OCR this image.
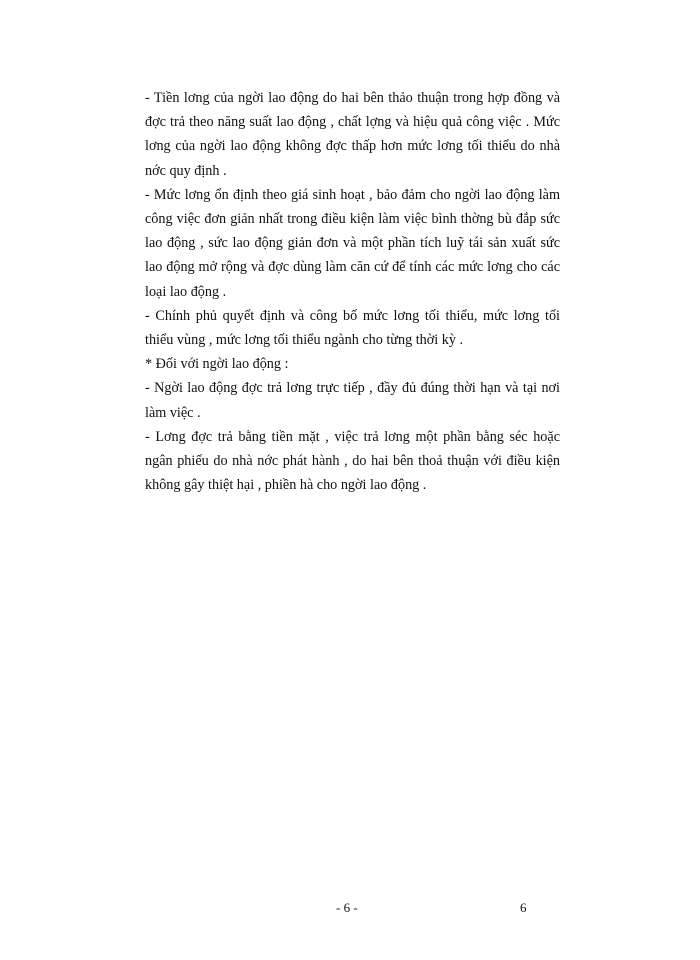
- Tiền lơng của ngời lao động do hai bên thảo thuận trong hợp đồng và đợc trả theo năng suất lao động , chất lợng và hiệu quả công việc . Mức lơng của ngời lao động không đợc thấp hơn mức lơng tối thiểu do nhà nớc quy định .

- Mức lơng ổn định theo giá sinh hoạt , bảo đảm cho ngời lao động làm công việc đơn giản nhất trong điều kiện làm việc bình thờng bù đắp sức lao động , sức lao động giản đơn và một phần tích luỹ tái sản xuất sức lao động mở rộng và đợc dùng làm căn cứ để tính các mức lơng cho các loại lao động .

- Chính phủ quyết định và công bố mức lơng tối thiểu, mức lơng tối thiểu vùng , mức lơng tối thiểu ngành cho từng thời kỳ .

* Đối với ngời lao động :

- Ngời lao động đợc trả lơng trực tiếp , đầy đủ đúng thời hạn và tại nơi làm việc .

- Lơng đợc trả bằng tiền mặt , việc trả lơng một phần bằng séc hoặc ngân phiếu do nhà nớc phát hành , do hai bên thoả thuận với điều kiện không gây thiệt hại , phiền hà cho ngời lao động .

- 6 -	6
